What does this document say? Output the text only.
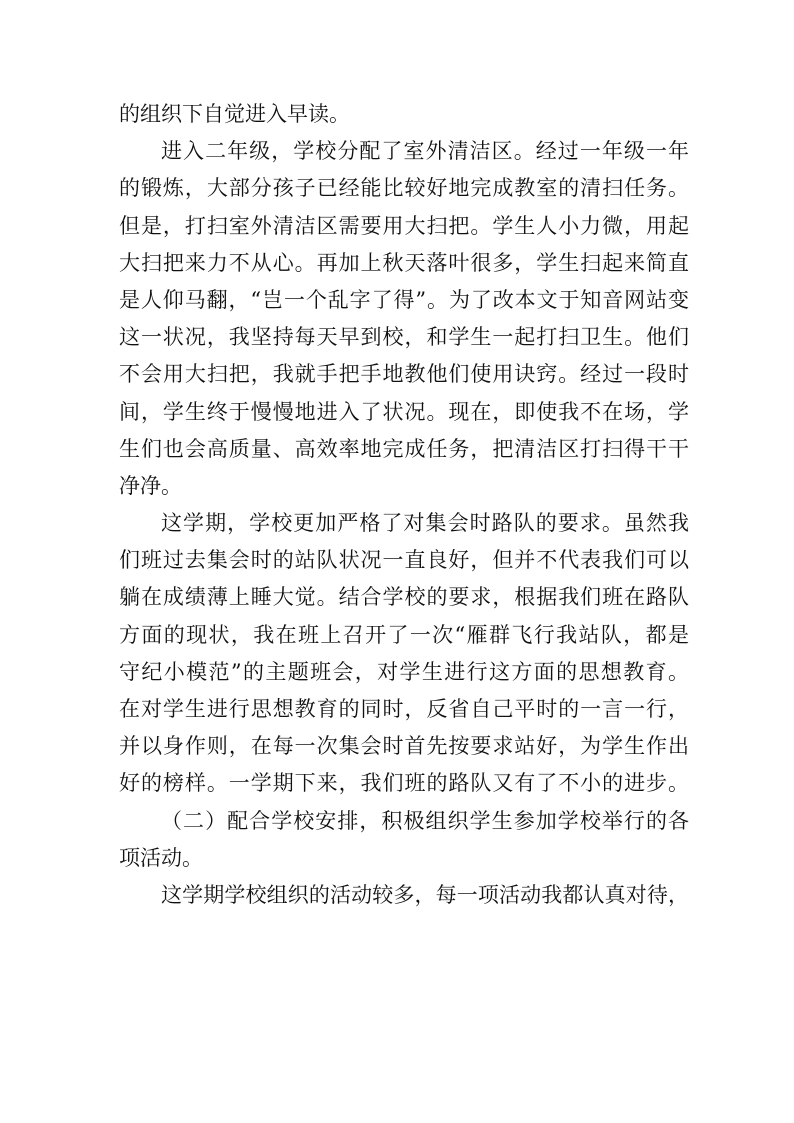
的组织下自觉进入早读。
进入二年级，学校分配了室外清洁区。经过一年级一年
的锻炼，大部分孩子已经能比较好地完成教室的清扫任务。
但是，打扫室外清洁区需要用大扫把。学生人小力微，用起
大扫把来力不从心。再加上秋天落叶很多，学生扫起来简直
是人仰马翻，“岂一个乱字了得”。为了改本文于知音网站变
这一状况，我坚持每天早到校，和学生一起打扫卫生。他们
不会用大扫把，我就手把手地教他们使用诀窍。经过一段时
间，学生终于慢慢地进入了状况。现在，即使我不在场，学
生们也会高质量、高效率地完成任务，把清洁区打扫得干干
净净。
这学期，学校更加严格了对集会时路队的要求。虽然我
们班过去集会时的站队状况一直良好，但并不代表我们可以
躺在成绩薄上睡大觉。结合学校的要求，根据我们班在路队
方面的现状，我在班上召开了一次“雁群飞行我站队，都是
守纪小模范”的主题班会，对学生进行这方面的思想教育。
在对学生进行思想教育的同时，反省自己平时的一言一行，
并以身作则，在每一次集会时首先按要求站好，为学生作出
好的榜样。一学期下来，我们班的路队又有了不小的进步。
（二）配合学校安排，积极组织学生参加学校举行的各
项活动。
这学期学校组织的活动较多，每一项活动我都认真对待，
